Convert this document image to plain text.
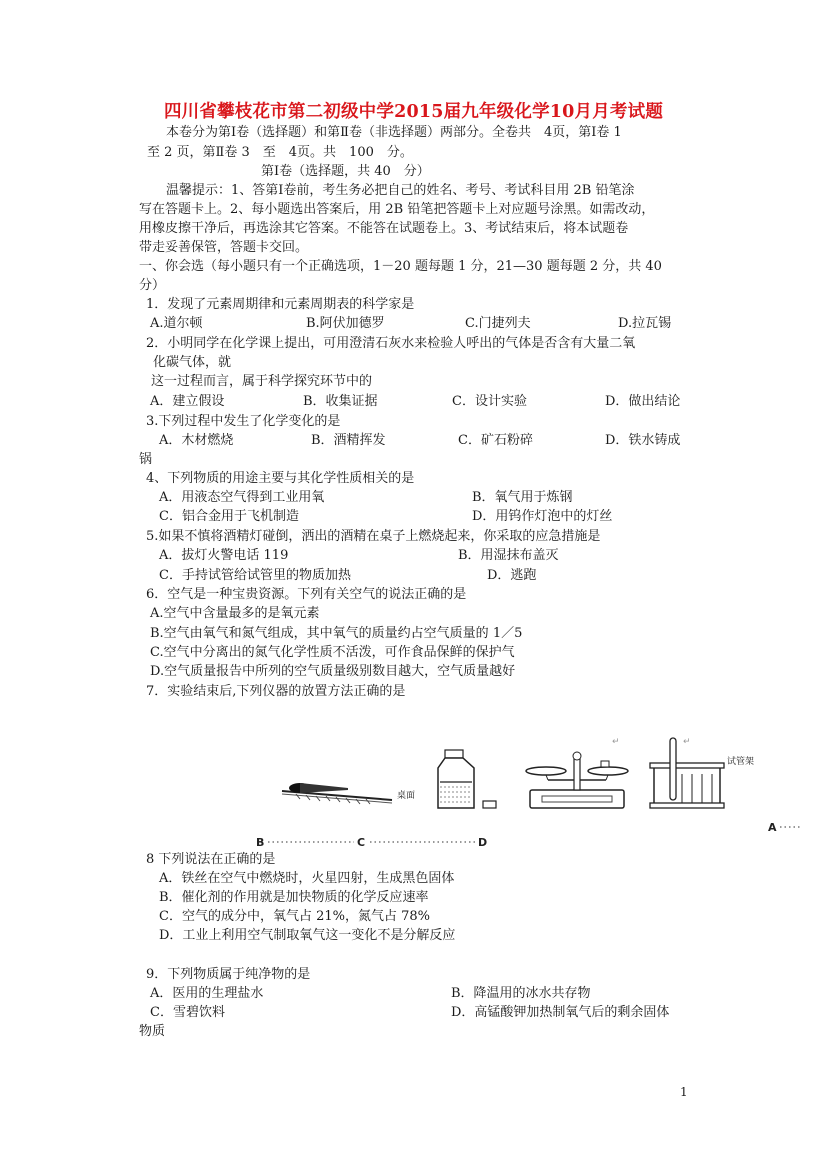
四川省攀枝花市第二初级中学2015届九年级化学10月月考试题
本卷分为第Ⅰ卷（选择题）和第Ⅱ卷（非选择题）两部分。全卷共　4页，第Ⅰ卷 1
至 2 页，第Ⅱ卷 3　至　4页。共　100　分。
第Ⅰ卷（选择题，共 40　分）
温馨提示：1、答第Ⅰ卷前，考生务必把自己的姓名、考号、考试科目用 2B 铅笔涂
写在答题卡上。2、每小题选出答案后，用 2B 铅笔把答题卡上对应题号涂黑。如需改动，
用橡皮擦干净后，再选涂其它答案。不能答在试题卷上。3、考试结束后，将本试题卷
带走妥善保管，答题卡交回。
一、你会选（每小题只有一个正确选项，1－20 题每题 1 分，21—30 题每题 2 分，共 40
分）
1．发现了元素周期律和元素周期表的科学家是
A.道尔顿	B.阿伏加德罗	C.门捷列夫	D.拉瓦锡
2．小明同学在化学课上提出，可用澄清石灰水来检验人呼出的气体是否含有大量二氧
化碳气体，就
这一过程而言，属于科学探究环节中的
A．建立假设	B．收集证据	C．设计实验	D．做出结论
3.下列过程中发生了化学变化的是
A．木材燃烧	B．酒精挥发	C．矿石粉碎	D．铁水铸成
锅
4、下列物质的用途主要与其化学性质相关的是
A．用液态空气得到工业用氧	B．氧气用于炼钢
C．铝合金用于飞机制造	D．用钨作灯泡中的灯丝
5.如果不慎将酒精灯碰倒，洒出的酒精在桌子上燃烧起来，你采取的应急措施是
A．拔灯火警电话 119	B．用湿抹布盖灭
C．手持试管给试管里的物质加热	D．逃跑
6．空气是一种宝贵资源。下列有关空气的说法正确的是
A.空气中含量最多的是氧元素
B.空气由氧气和氮气组成，其中氧气的质量约占空气质量的 1／5
C.空气中分离出的氮气化学性质不活泼，可作食品保鲜的保护气
D.空气质量报告中所列的空气质量级别数目越大，空气质量越好
7．实验结束后,下列仪器的放置方法正确的是
桌面
↵
试管架
↵
B	C	D
A
8 下列说法在正确的是
A．铁丝在空气中燃烧时，火星四射，生成黑色固体
B．催化剂的作用就是加快物质的化学反应速率
C．空气的成分中，氧气占 21%，氮气占 78%
D．工业上利用空气制取氧气这一变化不是分解反应
9．下列物质属于纯净物的是
A．医用的生理盐水	B．降温用的冰水共存物
C．雪碧饮料	D．高锰酸钾加热制氧气后的剩余固体
物质
1
